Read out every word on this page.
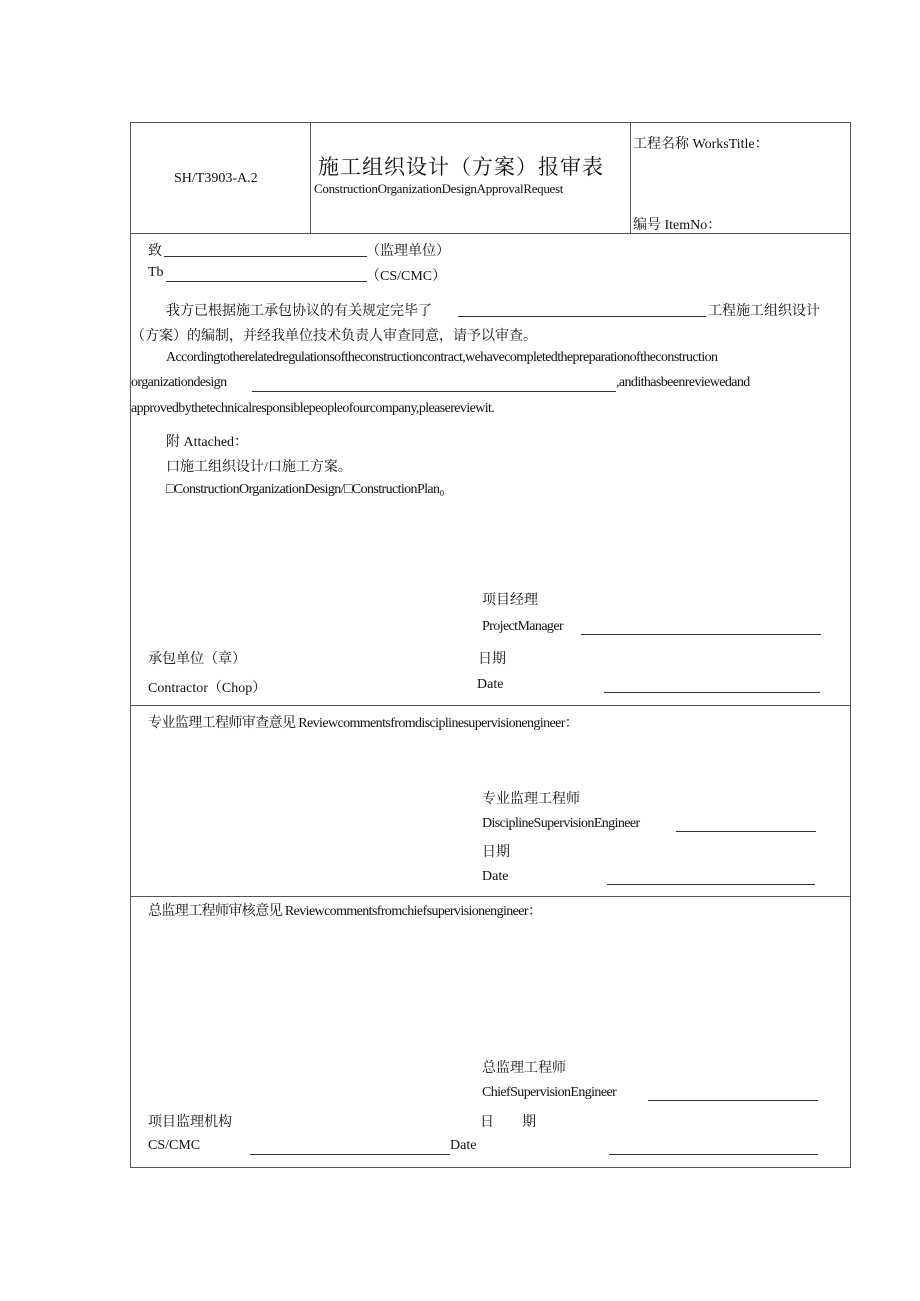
SH/T3903-A.2	施工组织设计（方案）报审表
ConstructionOrganizationDesignApprovalRequest
工程名称 WorksTitle：
编号 ItemNo：
致	（监理单位）
Tb	（CS/CMC）
我方已根据施工承包协议的有关规定完毕了	工程施工组织设计
（方案）的编制，并经我单位技术负责人审查同意，请予以审查。
Accordingtotherelatedregulationsoftheconstructioncontract,wehavecompletedthepreparationoftheconstruction
organizationdesign	,andithasbeenreviewedand
approvedbythetechnicalresponsiblepeopleofourcompany,pleasereviewit.
附 Attached：
口施工组织设计/口施工方案。
□ConstructionOrganizationDesign/□ConstructionPlan₀
项目经理
ProjectManager
承包单位（章）	日期
Contractor（Chop）	Date
专业监理工程师审查意见 Reviewcommentsfromdisciplinesupervisionengineer：
专业监理工程师
DisciplineSupervisionEngineer
日期
Date
总监理工程师审核意见 Reviewcommentsfromchiefsupervisionengineer：
总监理工程师
ChiefSupervisionEngineer
项目监理机构	日　　期
CS/CMC	Date
